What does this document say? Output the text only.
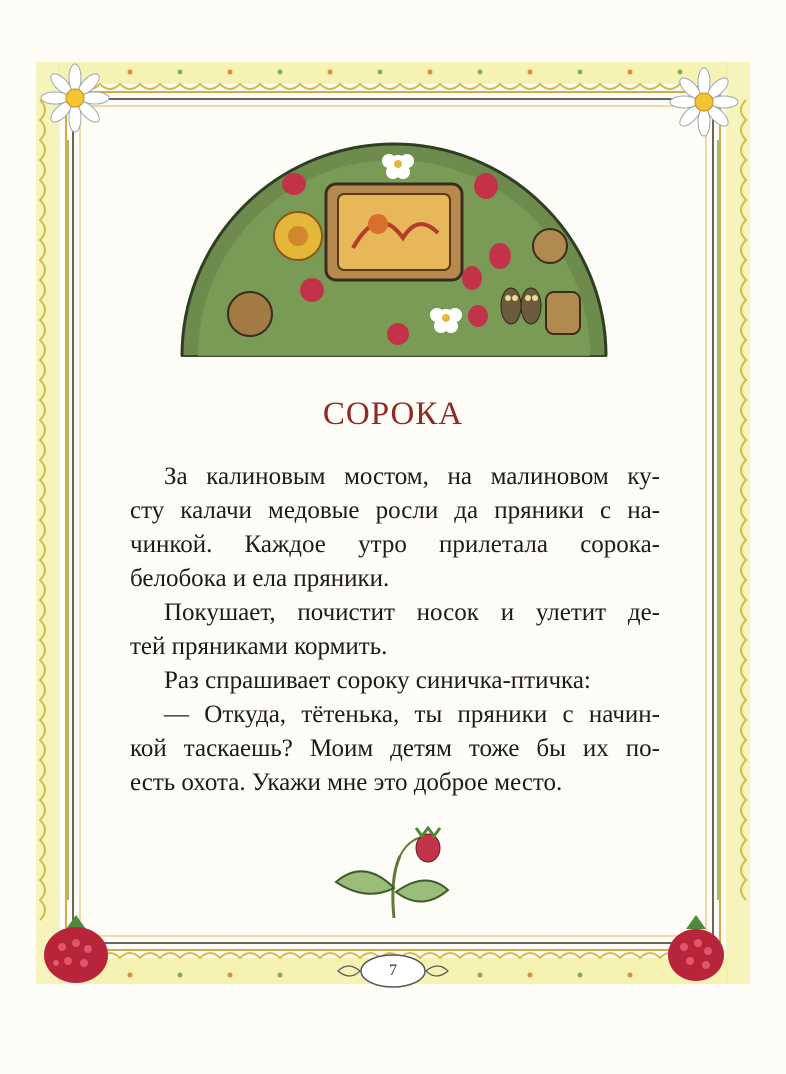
СОРОКА
За калиновым мостом, на малиновом ку-
сту калачи медовые росли да пряники с на-
чинкой. Каждое утро прилетала сорока-
белобока и ела пряники.
Покушает, почистит носок и улетит де-
тей пряниками кормить.
Раз спрашивает сороку синичка-птичка:
— Откуда, тётенька, ты пряники с начин-
кой таскаешь? Моим детям тоже бы их по-
есть охота. Укажи мне это доброе место.
7
